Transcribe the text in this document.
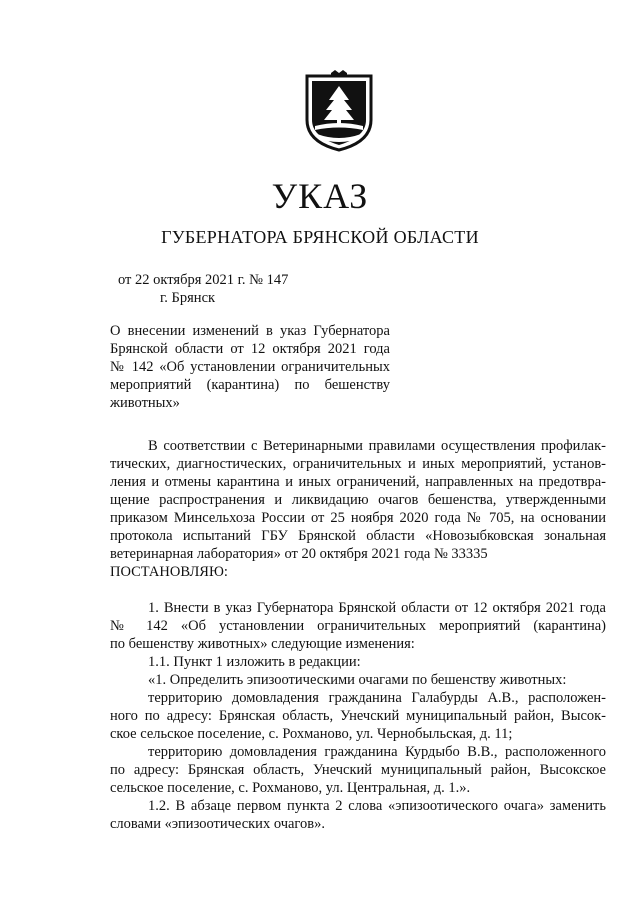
УКАЗ
ГУБЕРНАТОРА БРЯНСКОЙ ОБЛАСТИ
от 22 октября 2021 г. № 147
г. Брянск
О внесении изменений в указ Губернатора
Брянской области от 12 октября 2021 года
№ 142 «Об установлении ограничительных
мероприятий (карантина) по бешенству
животных»
В соответствии с Ветеринарными правилами осуществления профилак-
тических, диагностических, ограничительных и иных мероприятий, установ-
ления и отмены карантина и иных ограничений, направленных на предотвра-
щение распространения и ликвидацию очагов бешенства, утвержденными
приказом Минсельхоза России от 25 ноября 2020 года № 705, на основании
протокола испытаний ГБУ Брянской области «Новозыбковская зональная
ветеринарная лаборатория» от 20 октября 2021 года № 33335
ПОСТАНОВЛЯЮ:
1. Внести в указ Губернатора Брянской области от 12 октября 2021 года
№ 142 «Об установлении ограничительных мероприятий (карантина)
по бешенству животных» следующие изменения:
1.1. Пункт 1 изложить в редакции:
«1. Определить эпизоотическими очагами по бешенству животных:
территорию домовладения гражданина Галабурды А.В., расположен-
ного по адресу: Брянская область, Унечский муниципальный район, Высок-
ское сельское поселение, с. Рохманово, ул. Чернобыльская, д. 11;
территорию домовладения гражданина Курдыбо В.В., расположенного
по адресу: Брянская область, Унечский муниципальный район, Высокское
сельское поселение, с. Рохманово, ул. Центральная, д. 1.».
1.2. В абзаце первом пункта 2 слова «эпизоотического очага» заменить
словами «эпизоотических очагов».
